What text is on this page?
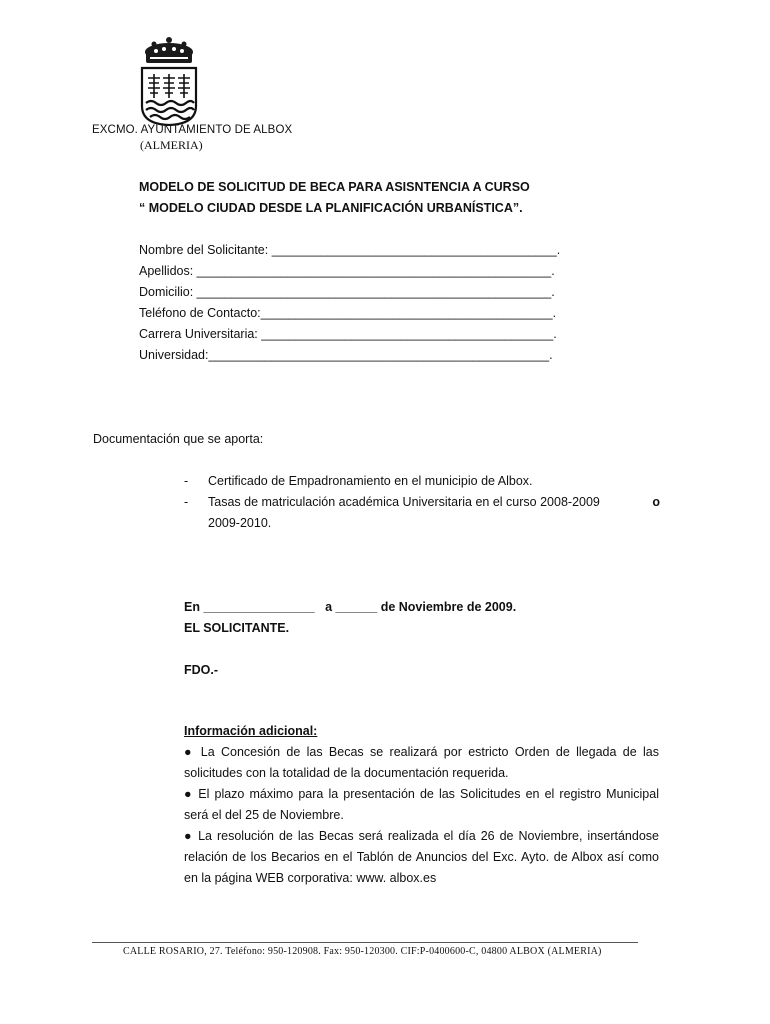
EXCMO. AYUNTAMIENTO DE ALBOX
(ALMERIA)
MODELO DE SOLICITUD DE BECA PARA ASISNTENCIA A CURSO
“ MODELO CIUDAD DESDE LA PLANIFICACIÓN URBANÍSTICA”.
Nombre del Solicitante: _________________________________________.
Apellidos: ___________________________________________________.
Domicilio: ___________________________________________________.
Teléfono de Contacto:__________________________________________.
Carrera Universitaria: __________________________________________.
Universidad:_________________________________________________.
Documentación que se aporta:
- Certificado de Empadronamiento en el municipio de Albox.
- Tasas de matriculación académica Universitaria en el curso 2008-2009	o
2009-2010.
En ________________   a ______ de Noviembre de 2009.
EL SOLICITANTE.
FDO.-

Información adicional:

● La Concesión de las Becas se realizará por estricto Orden de llegada de las solicitudes con la totalidad de la documentación requerida.

● El plazo máximo para la presentación de las Solicitudes en el registro Municipal será el del 25 de Noviembre.

● La resolución de las Becas será realizada el día 26 de Noviembre, insertándose relación de los Becarios en el Tablón de Anuncios del Exc. Ayto. de Albox así como en la página WEB corporativa: www. albox.es

CALLE ROSARIO, 27. Teléfono: 950-120908. Fax: 950-120300. CIF:P-0400600-C, 04800 ALBOX (ALMERIA)
